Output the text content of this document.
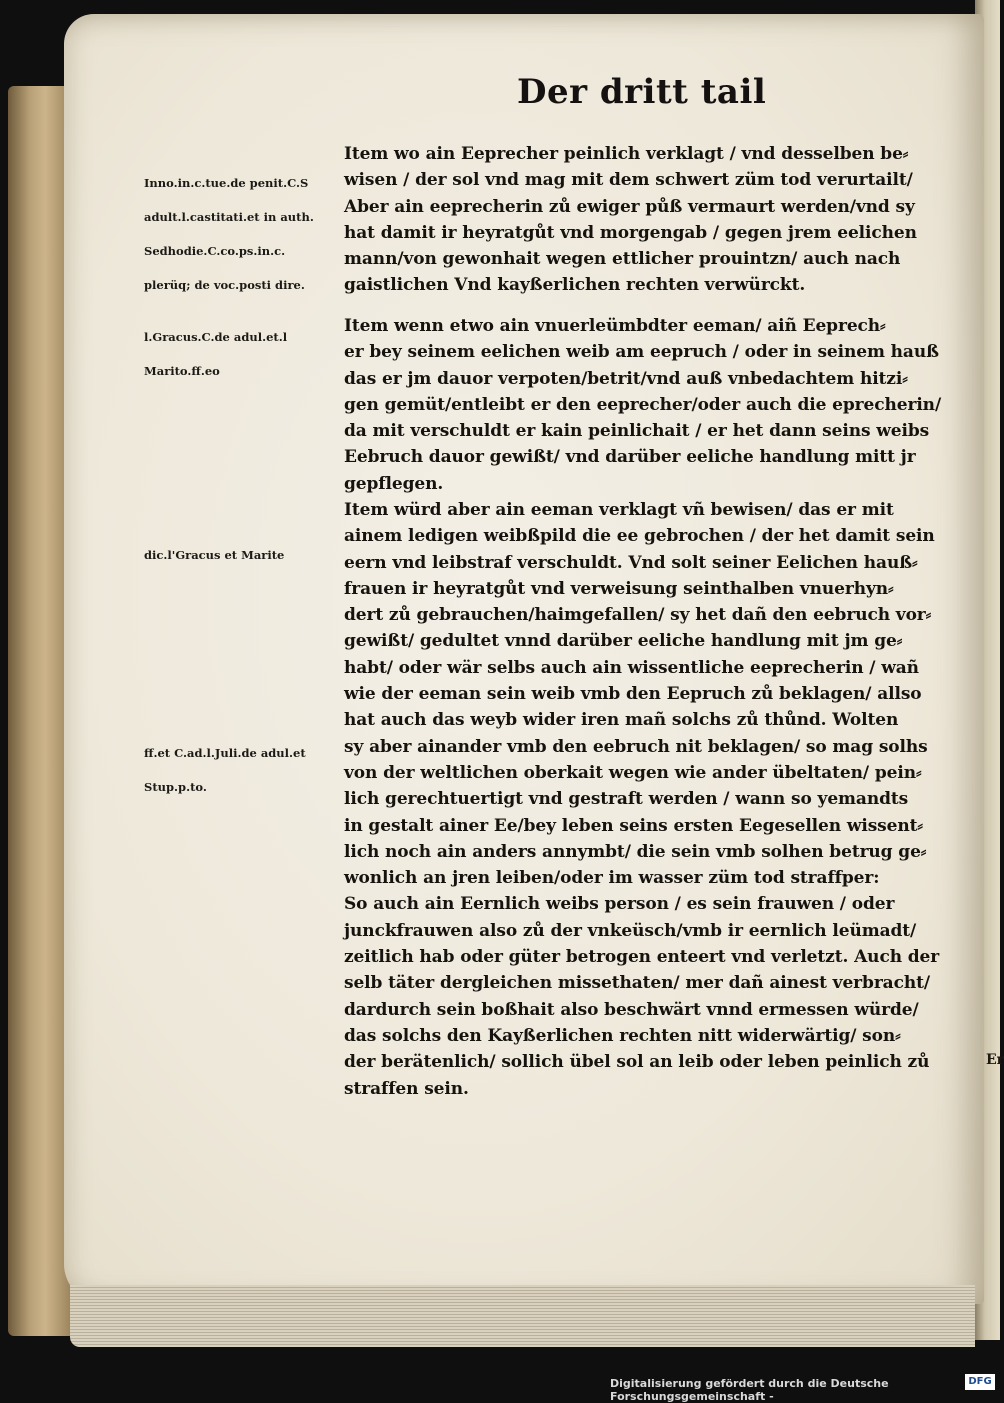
Er
Der dritt tail

Inno.in.c.tue.de penit.C.S

adult.l.castitati.et in auth.

Sedhodie.C.co.ps.in.c.

plerüq; de voc.posti dire.

l.Gracus.C.de adul.et.l

Marito.ff.eo

dic.l'Gracus et Marite

ff.et C.ad.l.Juli.de adul.et

Stup.p.to.

Item wo ain Eeprecher peinlich verklagt / vnd desselben be⸗
wisen / der sol vnd mag mit dem schwert züm tod verurtailt/
Aber ain eeprecherin zů ewiger půß vermaurt werden/vnd sy
hat damit ir heyratgůt vnd morgengab / gegen jrem eelichen
mann/von gewonhait wegen ettlicher prouintzn/ auch nach
gaistlichen Vnd kayßerlichen rechten verwürckt.
Item wenn etwo ain vnuerleümbdter eeman/ aiñ Eeprech⸗
er bey seinem eelichen weib am eepruch / oder in seinem hauß
das er jm dauor verpoten/betrit/vnd auß vnbedachtem hitzi⸗
gen gemüt/entleibt er den eeprecher/oder auch die eprecherin/
da mit verschuldt er kain peinlichait / er het dann seins weibs
Eebruch dauor gewißt/ vnd darüber eeliche handlung mitt jr
gepflegen.
Item würd aber ain eeman verklagt vñ bewisen/ das er mit
ainem ledigen weibßpild die ee gebrochen / der het damit sein
eern vnd leibstraf verschuldt. Vnd solt seiner Eelichen hauß⸗
frauen ir heyratgůt vnd verweisung seinthalben vnuerhyn⸗
dert zů gebrauchen/haimgefallen/ sy het dañ den eebruch vor⸗
gewißt/ gedultet vnnd darüber eeliche handlung mit jm ge⸗
habt/ oder wär selbs auch ain wissentliche eeprecherin / wañ
wie der eeman sein weib vmb den Eepruch zů beklagen/ allso
hat auch das weyb wider iren mañ solchs zů thůnd. Wolten
sy aber ainander vmb den eebruch nit beklagen/ so mag solhs
von der weltlichen oberkait wegen wie ander übeltaten/ pein⸗
lich gerechtuertigt vnd gestraft werden / wann so yemandts
in gestalt ainer Ee/bey leben seins ersten Eegesellen wissent⸗
lich noch ain anders annymbt/ die sein vmb solhen betrug ge⸗
wonlich an jren leiben/oder im wasser züm tod straffper:
So auch ain Eernlich weibs person / es sein frauwen / oder
junckfrauwen also zů der vnkeüsch/vmb ir eernlich leümadt/
zeitlich hab oder güter betrogen enteert vnd verletzt. Auch der
selb täter dergleichen missethaten/ mer dañ ainest verbracht/
dardurch sein boßhait also beschwärt vnnd ermessen würde/
das solchs den Kayßerlichen rechten nitt widerwärtig/ son⸗
der berätenlich/ sollich übel sol an leib oder leben peinlich zů
straffen sein.
Digitalisierung gefördert durch die Deutsche Forschungsgemeinschaft -
DFG
